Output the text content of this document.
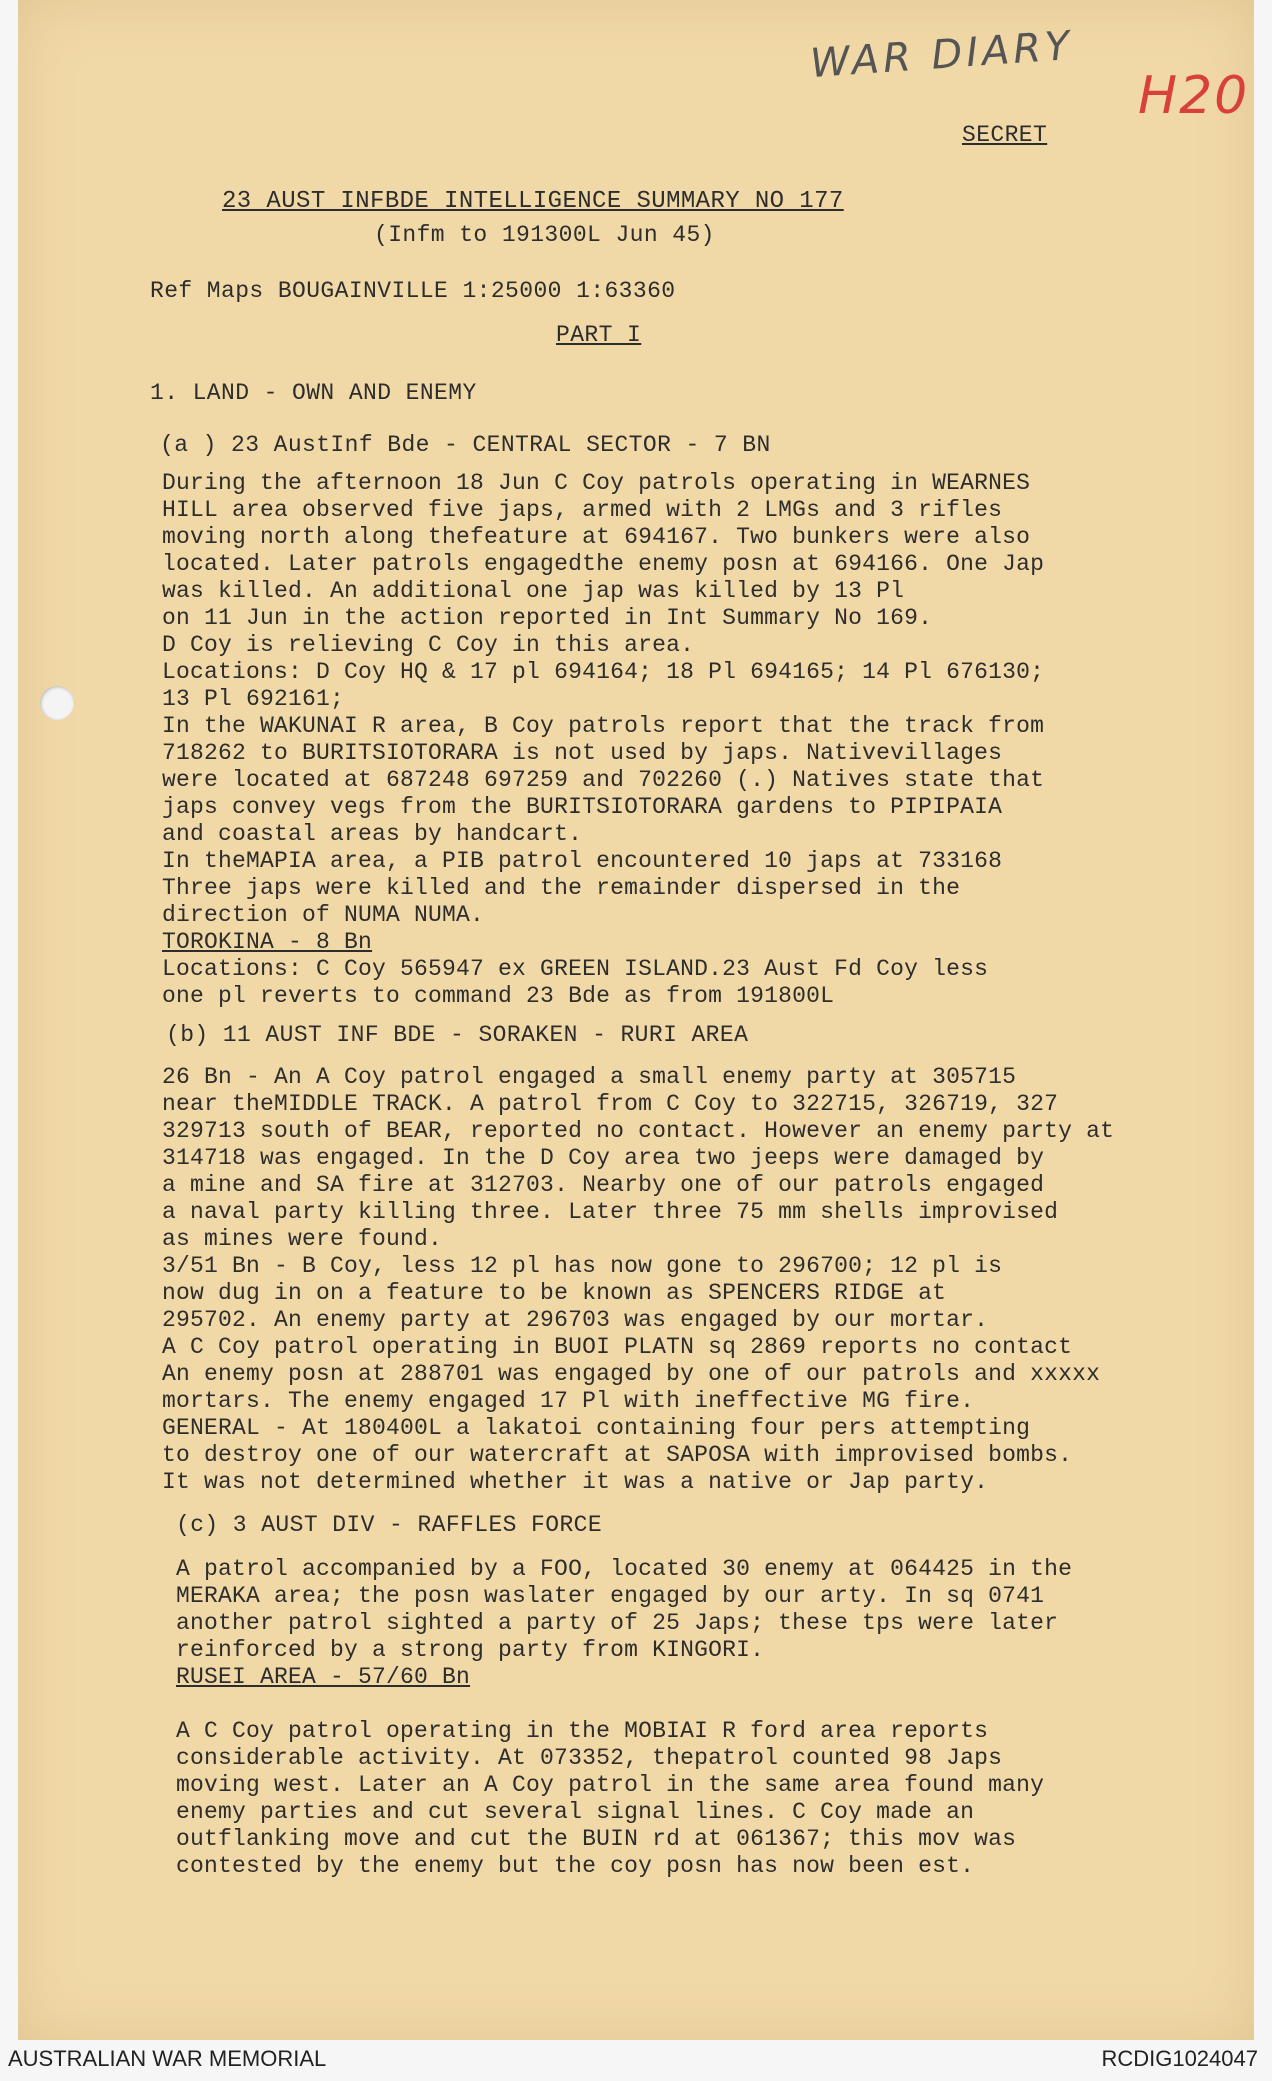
WAR DIARY
H20
SECRET
23 AUST INFBDE INTELLIGENCE SUMMARY NO 177
(Infm to 191300L Jun 45)
Ref Maps BOUGAINVILLE 1:25000 1:63360
PART I
1. LAND - OWN AND ENEMY
(a ) 23 AustInf Bde - CENTRAL SECTOR - 7 BN
During the afternoon 18 Jun C Coy patrols operating in WEARNES
HILL area observed five japs, armed with 2 LMGs and 3 rifles
moving north along thefeature at 694167. Two bunkers were also
located. Later patrols engagedthe enemy posn at 694166. One Jap
was killed. An additional one jap was killed by 13 Pl
on 11 Jun in the action reported in Int Summary No 169.
D Coy is relieving C Coy in this area.
Locations: D Coy HQ & 17 pl 694164; 18 Pl 694165; 14 Pl 676130;
13 Pl 692161;
In the WAKUNAI R area, B Coy patrols report that the track from
718262 to BURITSIOTORARA is not used by japs. Nativevillages
were located at 687248 697259 and 702260 (.) Natives state that
japs convey vegs from the BURITSIOTORARA gardens to PIPIPAIA
and coastal areas by handcart.
In theMAPIA area, a PIB patrol encountered 10 japs at 733168
Three japs were killed and the remainder dispersed in the
direction of NUMA NUMA.
TOROKINA - 8 Bn
Locations: C Coy 565947 ex GREEN ISLAND.23 Aust Fd Coy less
one pl reverts to command 23 Bde as from 191800L
(b) 11 AUST INF BDE - SORAKEN - RURI AREA
26 Bn - An A Coy patrol engaged a small enemy party at 305715
near theMIDDLE TRACK. A patrol from C Coy to 322715, 326719, 327
329713 south of BEAR, reported no contact. However an enemy party at
314718 was engaged. In the D Coy area two jeeps were damaged by
a mine and SA fire at 312703. Nearby one of our patrols engaged
a naval party killing three. Later three 75 mm shells improvised
as mines were found.
3/51 Bn - B Coy, less 12 pl has now gone to 296700; 12 pl is
now dug in on a feature to be known as SPENCERS RIDGE at
295702. An enemy party at 296703 was engaged by our mortar.
A C Coy patrol operating in BUOI PLATN sq 2869 reports no contact
An enemy posn at 288701 was engaged by one of our patrols and xxxxx
mortars. The enemy engaged 17 Pl with ineffective MG fire.
GENERAL - At 180400L a lakatoi containing four pers attempting
to destroy one of our watercraft at SAPOSA with improvised bombs.
It was not determined whether it was a native or Jap party.
(c) 3 AUST DIV - RAFFLES FORCE
A patrol accompanied by a FOO, located 30 enemy at 064425 in the
MERAKA area; the posn waslater engaged by our arty. In sq 0741
another patrol sighted a party of 25 Japs; these tps were later
reinforced by a strong party from KINGORI.
RUSEI AREA - 57/60 Bn
A C Coy patrol operating in the MOBIAI R ford area reports
considerable activity. At 073352, thepatrol counted 98 Japs
moving west. Later an A Coy patrol in the same area found many
enemy parties and cut several signal lines. C Coy made an
outflanking move and cut the BUIN rd at 061367; this mov was
contested by the enemy but the coy posn has now been est.
AUSTRALIAN WAR MEMORIAL	RCDIG1024047
